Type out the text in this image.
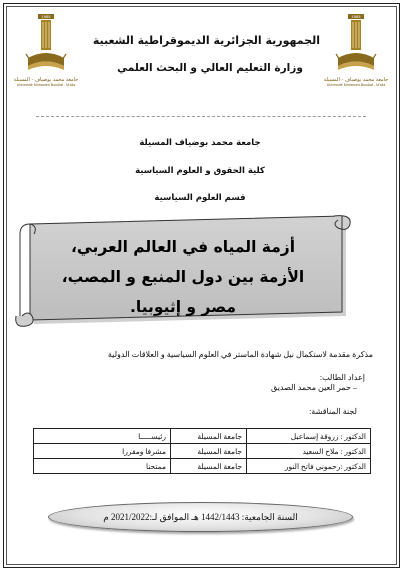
1985
جامعة محمد بوضياف - المسيلة
Université Mohamed Boudiaf - M'sila
1985
جامعة محمد بوضياف - المسيلة
Université Mohamed Boudiaf - M'sila
الجمهورية الجزائرية الديموقراطية الشعبية
وزارة التعليم العالي و البحث العلمي
جامعة محمد بوضياف المسيلة
كلية الحقوق و العلوم السياسية
قسم العلوم السياسية
أزمة المياه في العالم العربي، الأزمة بين دول المنبع و المصب، مصر و إثيوبيا.
مذكرة مقدمة لاستكمال نيل شهادة الماستر في العلوم السياسية و العلاقات الدولية
إعداد الطالب:
– حمر العين محمد الصديق
لجنة المناقشة:
الدكتور : زروقة إسماعيل	جامعة المسيلة	رئيســـــا
الدكتور : ملاح السعيد	جامعة المسيلة	مشرفا ومقررا
الدكتور :رحموني فاتح النور	جامعة المسيلة	ممتحنا
السنة الجامعية: 1442/1443 هـ الموافق لـ:2021/2022 م
